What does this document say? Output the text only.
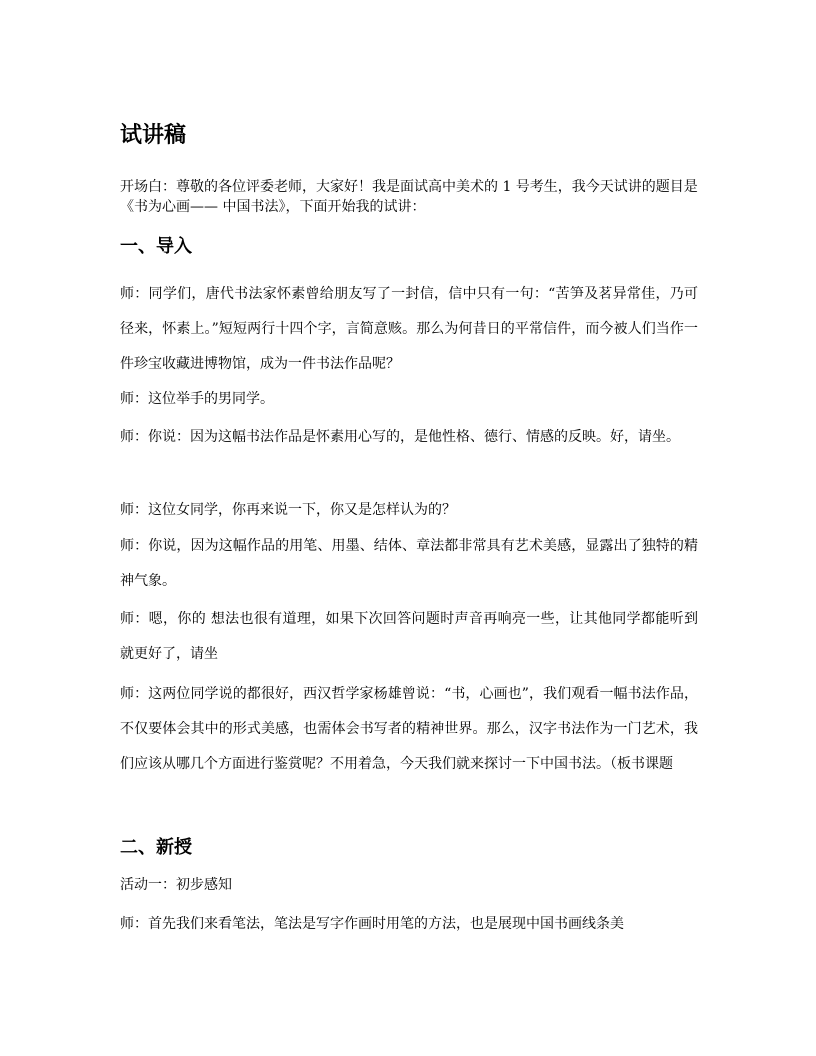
试讲稿

开场白：尊敬的各位评委老师，大家好！我是面试高中美术的 1 号考生，我今天试讲的题目是《书为心画—— 中国书法》，下面开始我的试讲：

一、导入

师：同学们，唐代书法家怀素曾给朋友写了一封信，信中只有一句：“苦笋及茗异常佳，乃可径来，怀素上。”短短两行十四个字，言简意赅。那么为何昔日的平常信件，而今被人们当作一件珍宝收藏进博物馆，成为一件书法作品呢？

师：这位举手的男同学。

师：你说：因为这幅书法作品是怀素用心写的，是他性格、德行、情感的反映。好，请坐。

师：这位女同学，你再来说一下，你又是怎样认为的？

师：你说，因为这幅作品的用笔、用墨、结体、章法都非常具有艺术美感，显露出了独特的精神气象。

师：嗯，你的 想法也很有道理，如果下次回答问题时声音再响亮一些，让其他同学都能听到就更好了，请坐

师：这两位同学说的都很好，西汉哲学家杨雄曾说：“书，心画也”，我们观看一幅书法作品， 不仅要体会其中的形式美感，也需体会书写者的精神世界。那么，汉字书法作为一门艺术，我们应该从哪几个方面进行鉴赏呢？不用着急，今天我们就来探讨一下中国书法。（板书课题

二、新授

活动一：初步感知

师：首先我们来看笔法，笔法是写字作画时用笔的方法，也是展现中国书画线条美
